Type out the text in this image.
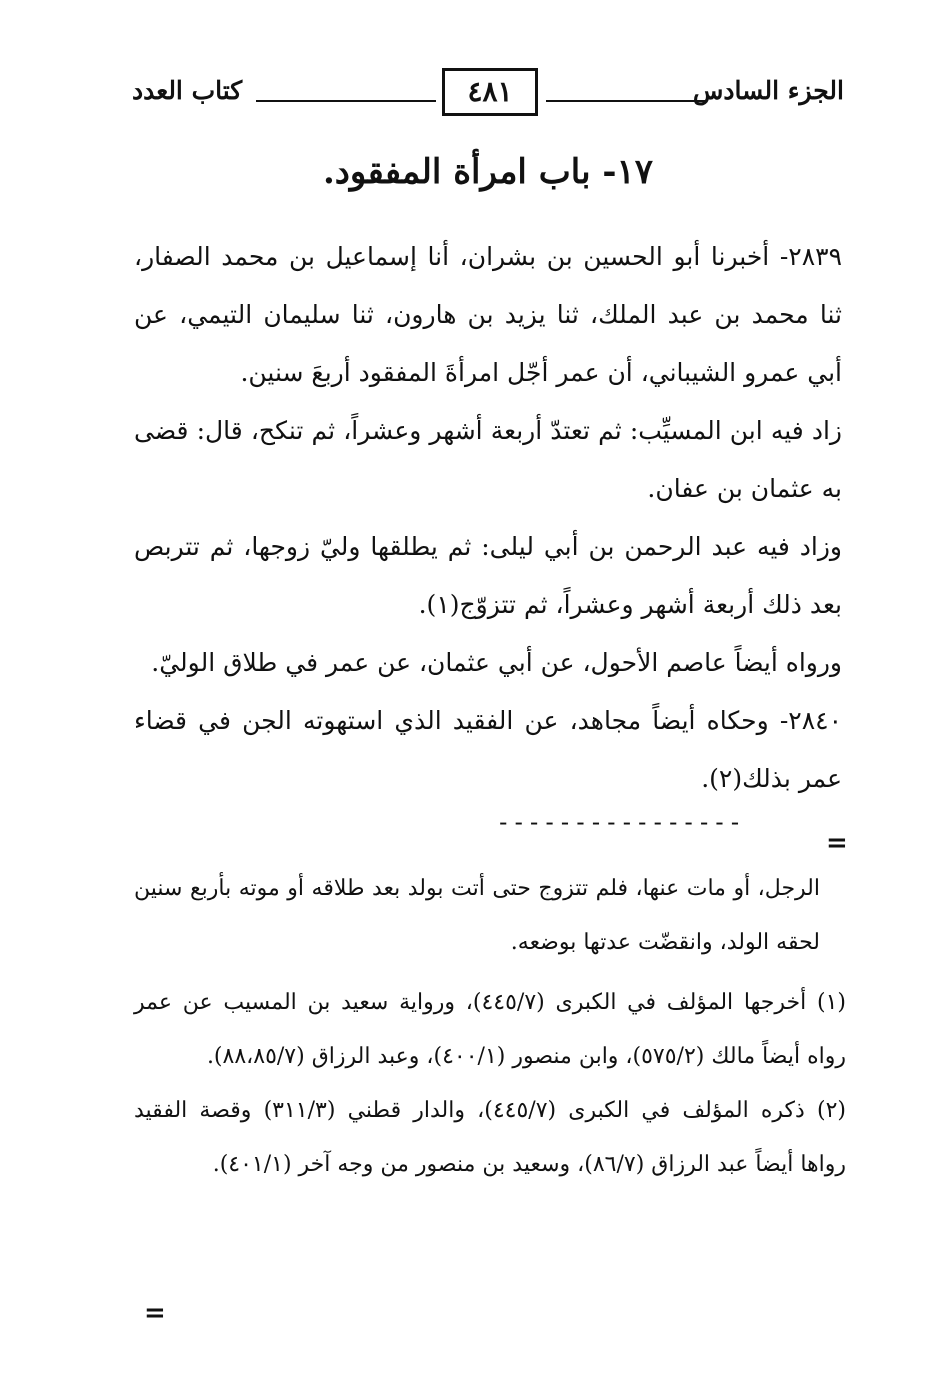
الجزء السادس
٤٨١
كتاب العدد
١٧- باب امرأة المفقود.

٢٨٣٩- أخبرنا أبو الحسين بن بشران، أنا إسماعيل بن محمد الصفار، ثنا محمد بن عبد الملك، ثنا يزيد بن هارون، ثنا سليمان التيمي، عن أبي عمرو الشيباني، أن عمر أجّل امرأةَ المفقود أربعَ سنين.

زاد فيه ابن المسيِّب: ثم تعتدّ أربعة أشهر وعشراً، ثم تنكح، قال: قضى به عثمان بن عفان.

وزاد فيه عبد الرحمن بن أبي ليلى: ثم يطلقها وليّ زوجها، ثم تتربص بعد ذلك أربعة أشهر وعشراً، ثم تتزوّج(١).

ورواه أيضاً عاصم الأحول، عن أبي عثمان، عن عمر في طلاق الوليّ.

٢٨٤٠- وحكاه أيضاً مجاهد، عن الفقيد الذي استهوته الجن في قضاء عمر بذلك(٢).

----------------
=

الرجل، أو مات عنها، فلم تتزوج حتى أتت بولد بعد طلاقه أو موته بأربع سنين لحقه الولد، وانقضّت عدتها بوضعه.

(١) أخرجها المؤلف في الكبرى (٤٤٥/٧)، ورواية سعيد بن المسيب عن عمر رواه أيضاً مالك (٥٧٥/٢)، وابن منصور (٤٠٠/١)، وعبد الرزاق (٨٨،٨٥/٧).

(٢) ذكره المؤلف في الكبرى (٤٤٥/٧)، والدار قطني (٣١١/٣) وقصة الفقيد رواها أيضاً عبد الرزاق (٨٦/٧)، وسعيد بن منصور من وجه آخر (٤٠١/١).

=
